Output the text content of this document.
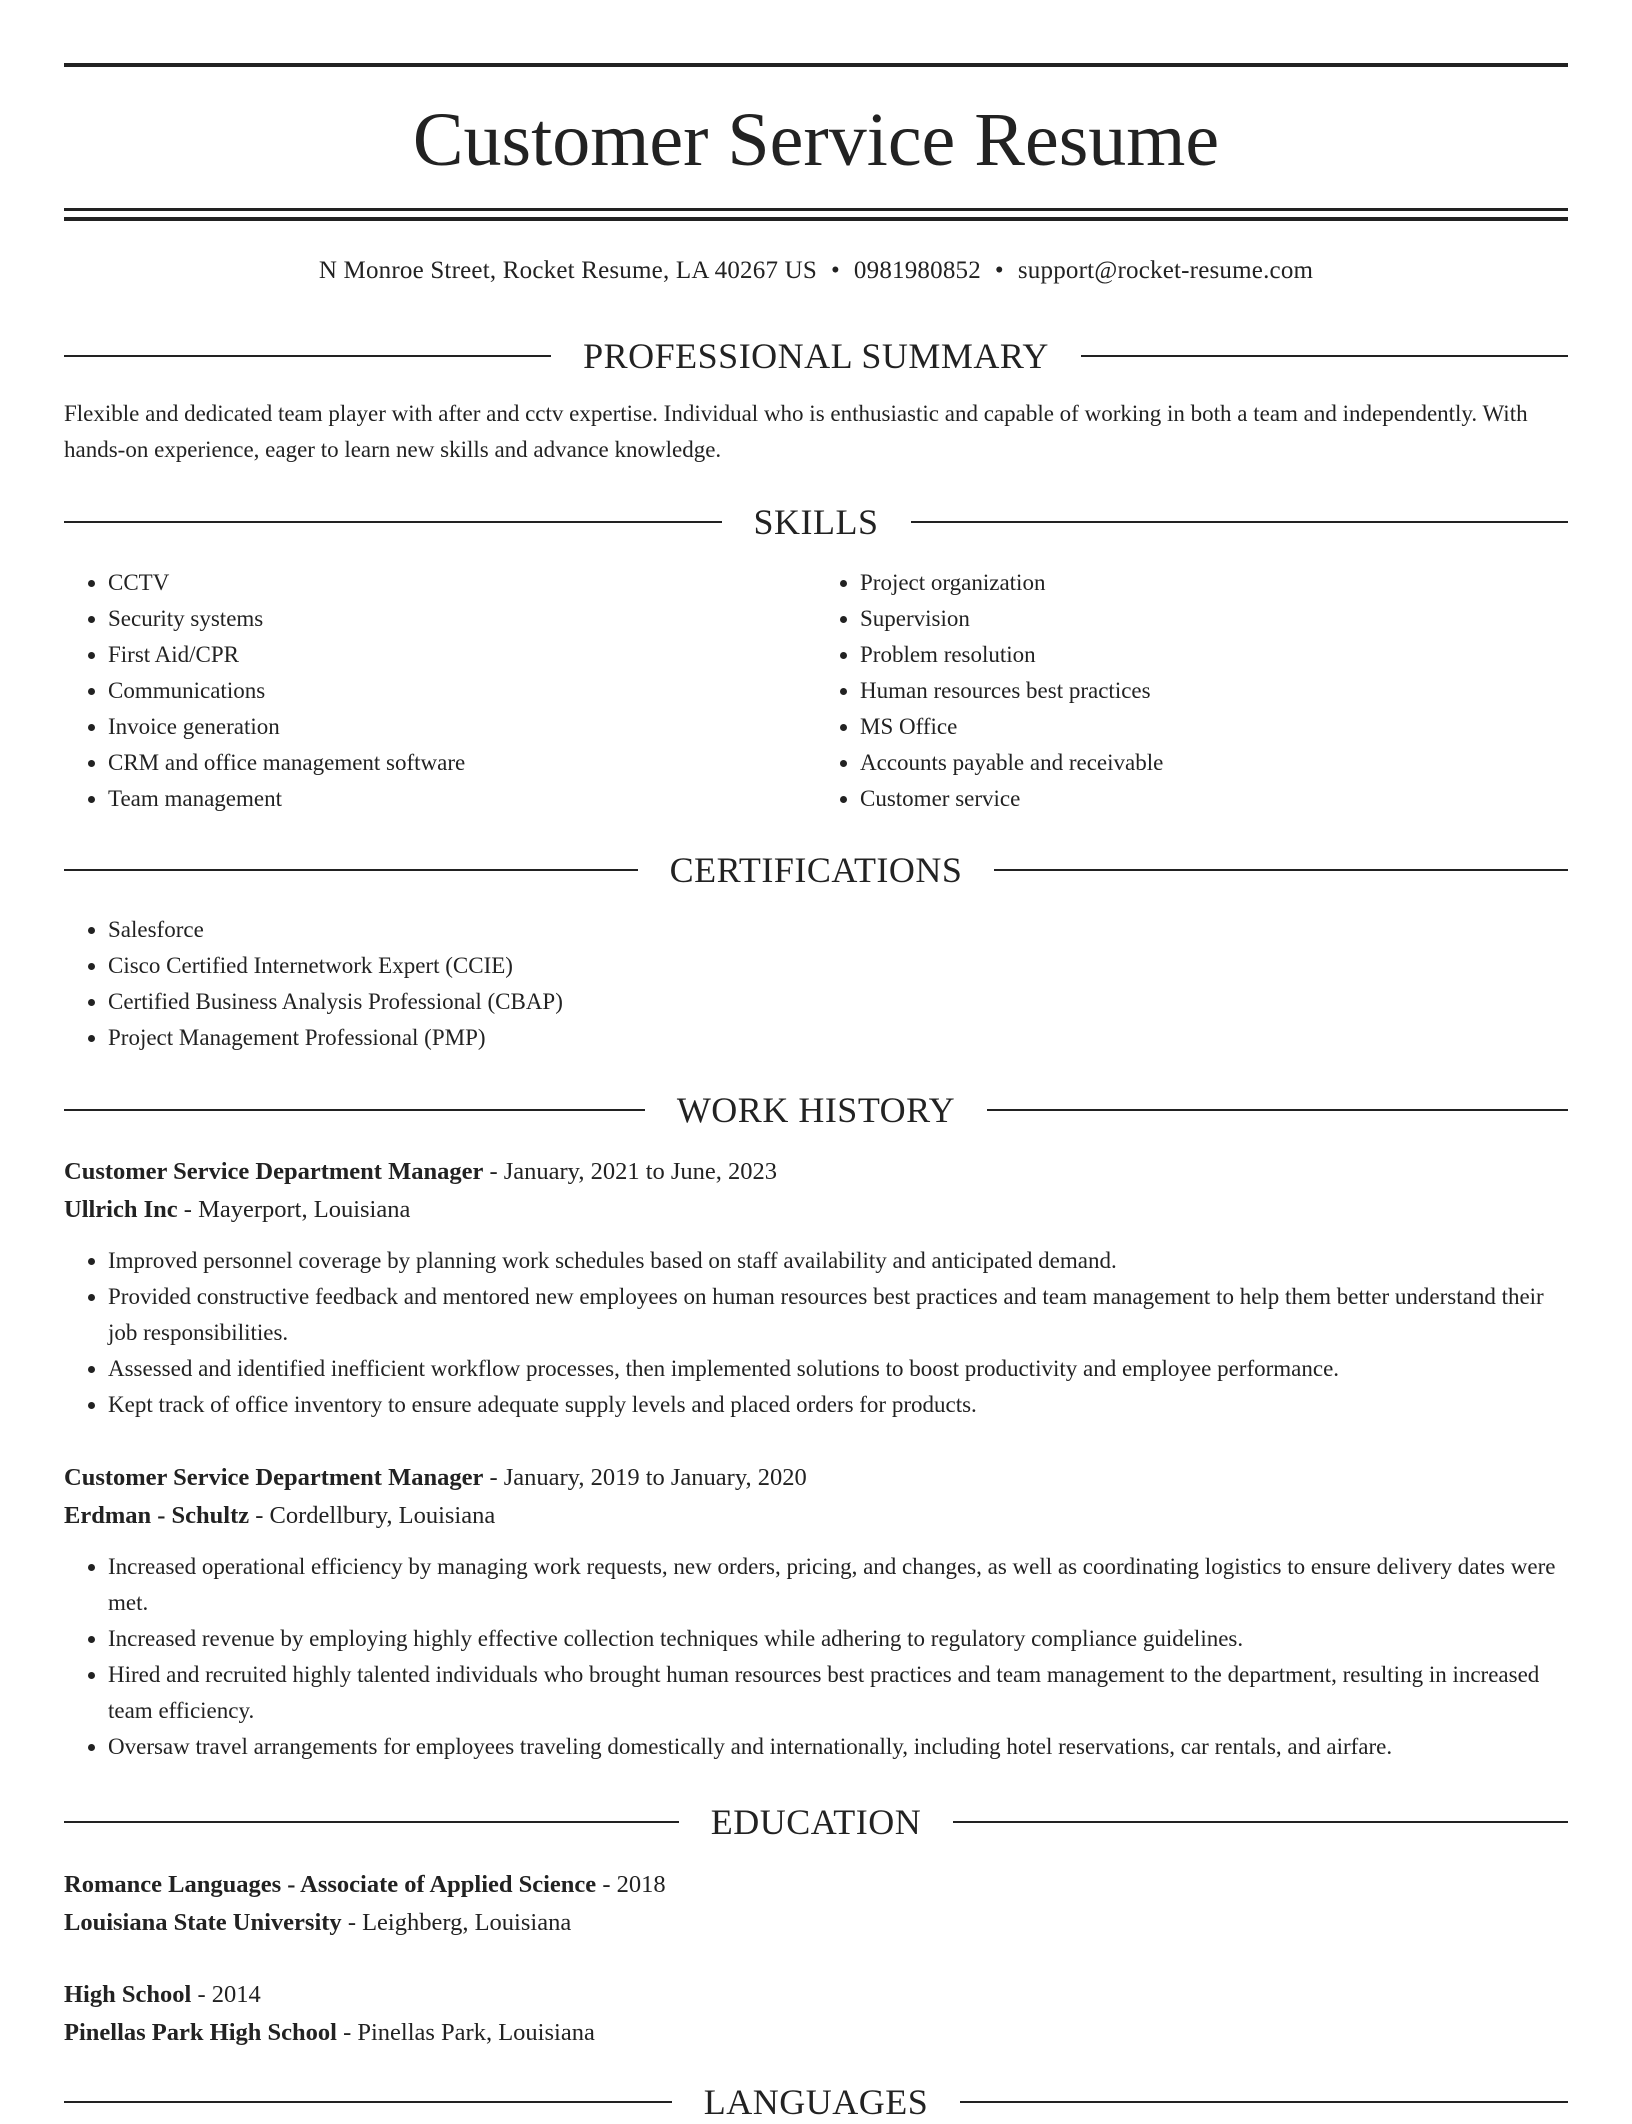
Customer Service Resume
N Monroe Street, Rocket Resume, LA 40267 US • 0981980852 • support@rocket-resume.com
PROFESSIONAL SUMMARY
Flexible and dedicated team player with after and cctv expertise. Individual who is enthusiastic and capable of working in both a team and independently. With hands-on experience, eager to learn new skills and advance knowledge.
SKILLS
• CCTV
• Security systems
• First Aid/CPR
• Communications
• Invoice generation
• CRM and office management software
• Team management
• Project organization
• Supervision
• Problem resolution
• Human resources best practices
• MS Office
• Accounts payable and receivable
• Customer service
CERTIFICATIONS
• Salesforce
• Cisco Certified Internetwork Expert (CCIE)
• Certified Business Analysis Professional (CBAP)
• Project Management Professional (PMP)
WORK HISTORY
Customer Service Department Manager - January, 2021 to June, 2023
Ullrich Inc - Mayerport, Louisiana
• Improved personnel coverage by planning work schedules based on staff availability and anticipated demand.
• Provided constructive feedback and mentored new employees on human resources best practices and team management to help them better understand their job responsibilities.
• Assessed and identified inefficient workflow processes, then implemented solutions to boost productivity and employee performance.
• Kept track of office inventory to ensure adequate supply levels and placed orders for products.
Customer Service Department Manager - January, 2019 to January, 2020
Erdman - Schultz - Cordellbury, Louisiana
• Increased operational efficiency by managing work requests, new orders, pricing, and changes, as well as coordinating logistics to ensure delivery dates were met.
• Increased revenue by employing highly effective collection techniques while adhering to regulatory compliance guidelines.
• Hired and recruited highly talented individuals who brought human resources best practices and team management to the department, resulting in increased team efficiency.
• Oversaw travel arrangements for employees traveling domestically and internationally, including hotel reservations, car rentals, and airfare.
EDUCATION
Romance Languages - Associate of Applied Science - 2018
Louisiana State University - Leighberg, Louisiana
High School - 2014
Pinellas Park High School - Pinellas Park, Louisiana
LANGUAGES
